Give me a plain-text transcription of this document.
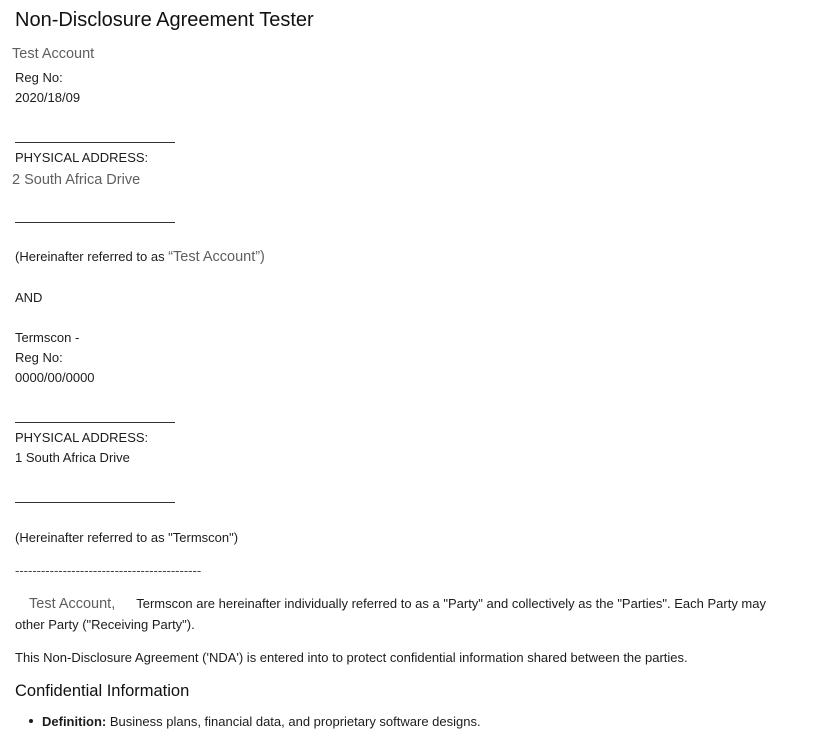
Non-Disclosure Agreement Tester
Test Account
Reg No:
2020/18/09
PHYSICAL ADDRESS:
2 South Africa Drive
(Hereinafter referred to as “Test Account”)
AND
Termscon -
Reg No:
0000/00/0000
PHYSICAL ADDRESS:
1 South Africa Drive
(Hereinafter referred to as "Termscon")
-------------------------------------------
Test Account, Termscon are hereinafter individually referred to as a "Party" and collectively as the "Parties". Each Party may
other Party ("Receiving Party").
This Non-Disclosure Agreement ('NDA') is entered into to protect confidential information shared between the parties.
Confidential Information
Definition: Business plans, financial data, and proprietary software designs.
